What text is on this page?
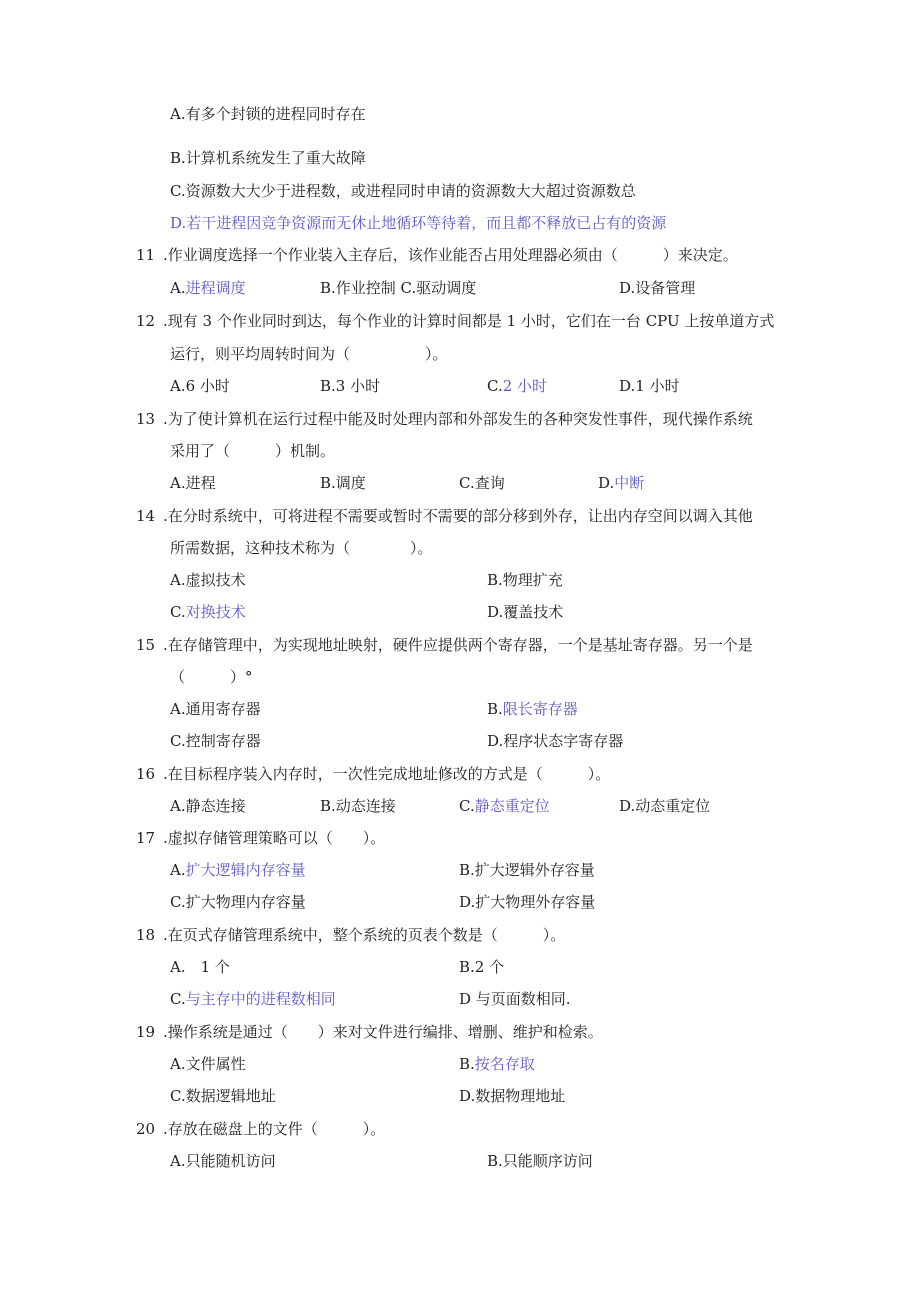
A.有多个封锁的进程同时存在
B.计算机系统发生了重大故障
C.资源数大大少于进程数，或进程同时申请的资源数大大超过资源数总
D.若干进程因竞争资源而无休止地循环等待着，而且都不释放已占有的资源
11 .作业调度选择一个作业装入主存后，该作业能否占用处理器必须由（　　　）来决定。
A.进程调度	B.作业控制 C.驱动调度	D.设备管理
12 .现有 3 个作业同时到达，每个作业的计算时间都是 1 小时，它们在一台 CPU 上按单道方式
运行，则平均周转时间为（　　　　　）。
A.6 小时	B.3 小时	C.2 小时	D.1 小时
13 .为了使计算机在运行过程中能及时处理内部和外部发生的各种突发性事件，现代操作系统
采用了（　　　）机制。
A.进程	B.调度	C.查询	D.中断
14 .在分时系统中，可将进程不需要或暂时不需要的部分移到外存，让出内存空间以调入其他
所需数据，这种技术称为（　　　　）。
A.虚拟技术	B.物理扩充
C.对换技术	D.覆盖技术
15 .在存储管理中，为实现地址映射，硬件应提供两个寄存器，一个是基址寄存器。另一个是
（　　　）°
A.通用寄存器	B.限长寄存器
C.控制寄存器	D.程序状态字寄存器
16 .在目标程序装入内存时，一次性完成地址修改的方式是（　　　）。
A.静态连接	B.动态连接	C.静态重定位	D.动态重定位
17 .虚拟存储管理策略可以（　　）。
A.扩大逻辑内存容量	B.扩大逻辑外存容量
C.扩大物理内存容量	D.扩大物理外存容量
18 .在页式存储管理系统中，整个系统的页表个数是（　　　）。
A.　1 个	B.2 个
C.与主存中的进程数相同	D 与页面数相同.
19 .操作系统是通过（　　）来对文件进行编排、增删、维护和检索。
A.文件属性	B.按名存取
C.数据逻辑地址	D.数据物理地址
20 .存放在磁盘上的文件（　　　）。
A.只能随机访问	B.只能顺序访问
